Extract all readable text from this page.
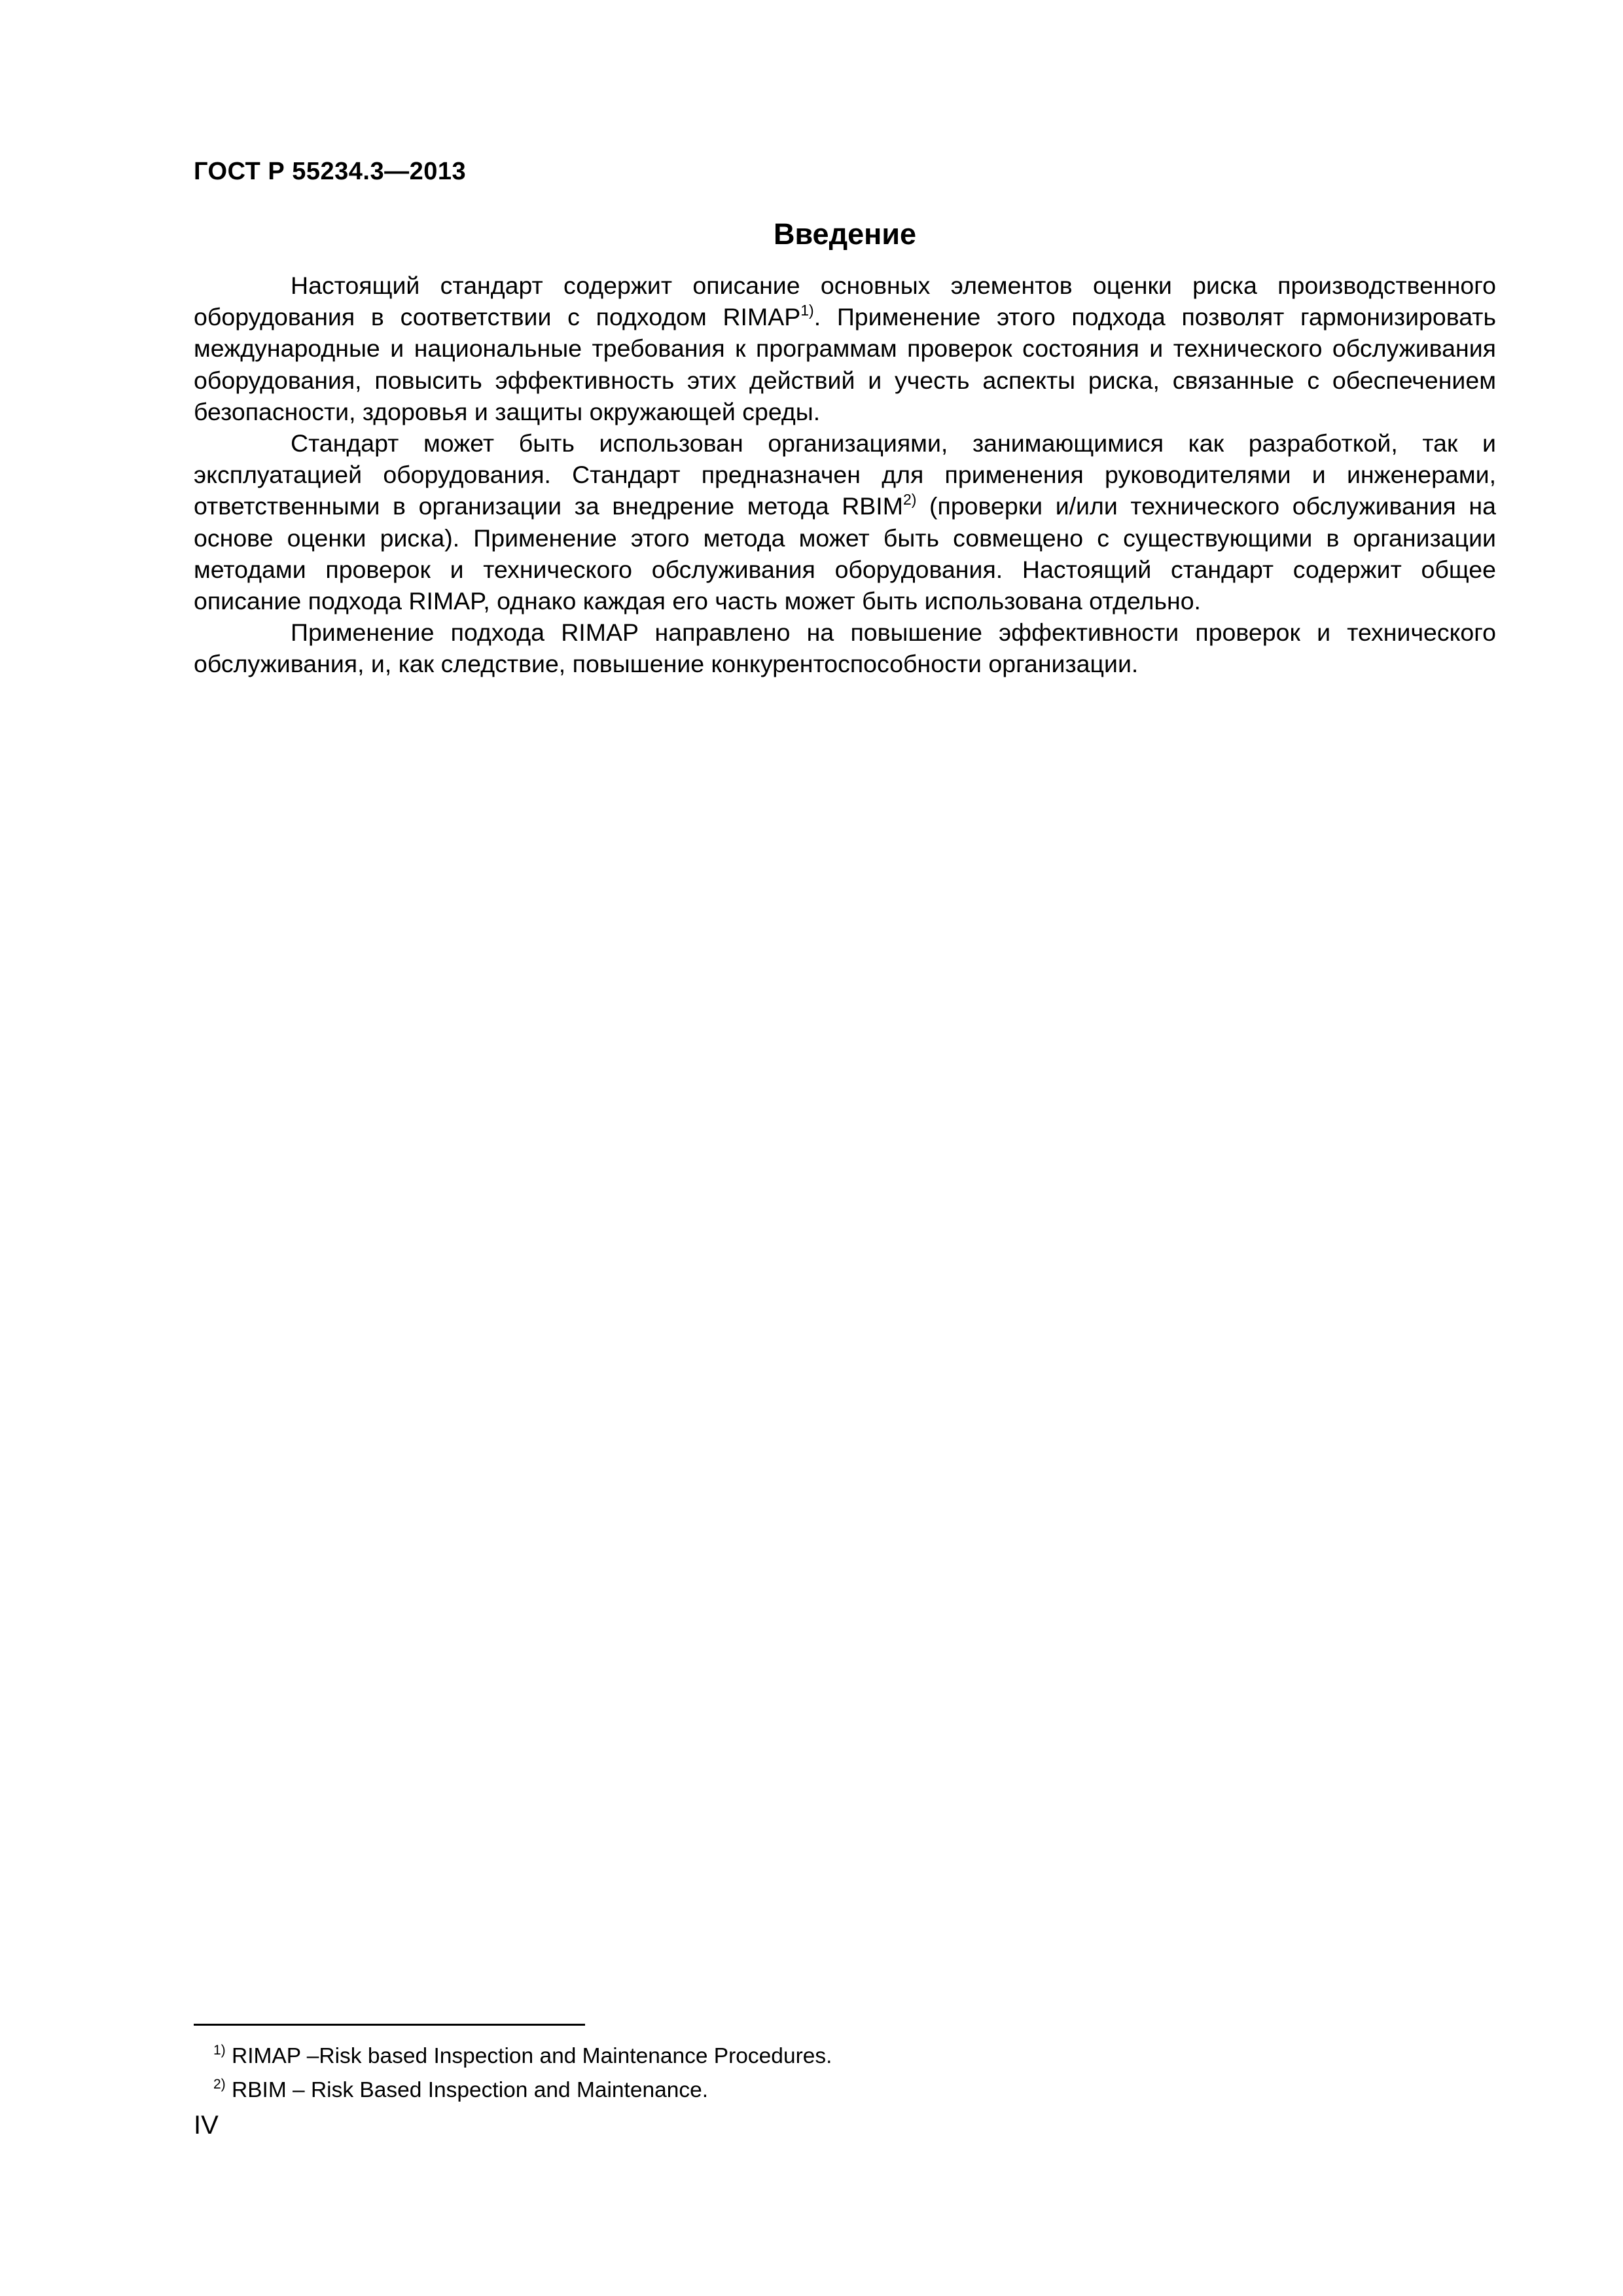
ГОСТ Р 55234.3—2013
Введение

Настоящий стандарт содержит описание основных элементов оценки риска производственного оборудования в соответствии с подходом RIMAP$^{1)}$. Применение этого подхода позволят гармонизировать международные и национальные требования к программам проверок состояния и технического обслуживания оборудования, повысить эффективность этих действий и учесть аспекты риска, связанные с обеспечением безопасности, здоровья и защиты окружающей среды.

Стандарт может быть использован организациями, занимающимися как разработкой, так и эксплуатацией оборудования. Стандарт предназначен для применения руководителями и инженерами, ответственными в организации за внедрение метода RBIM$^{2)}$ (проверки и/или технического обслуживания на основе оценки риска). Применение этого метода может быть совмещено с существующими в организации методами проверок и технического обслуживания оборудования. Настоящий стандарт содержит общее описание подхода RIMAP, однако каждая его часть может быть использована отдельно.

Применение подхода RIMAP направлено на повышение эффективности проверок и технического обслуживания, и, как следствие, повышение конкурентоспособности организации.

$^{1)}$ RIMAP –Risk based Inspection and Maintenance Procedures.
$^{2)}$ RBIM – Risk Based Inspection and Maintenance.
IV
